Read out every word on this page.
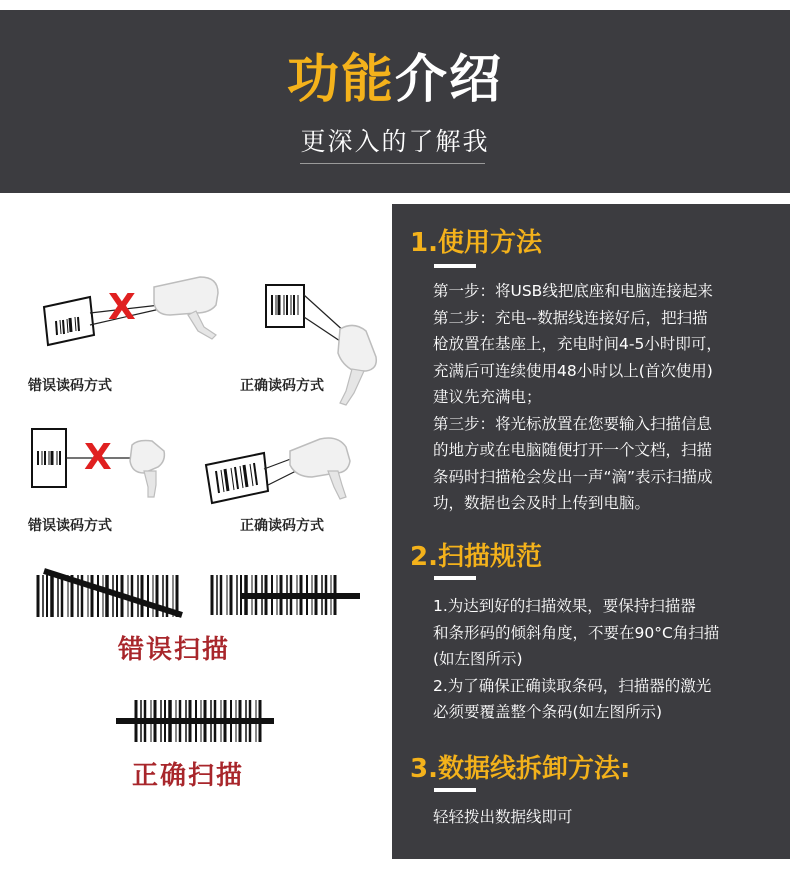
功能介绍
更深入的了解我
X
X
错误读码方式	正确读码方式
错误读码方式	正确读码方式
错误扫描
正确扫描
1.使用方法

第一步：将USB线把底座和电脑连接起来

第二步：充电--数据线连接好后，把扫描

枪放置在基座上，充电时间4-5小时即可，

充满后可连续使用48小时以上(首次使用)

建议先充满电；

第三步：将光标放置在您要输入扫描信息

的地方或在电脑随便打开一个文档，扫描

条码时扫描枪会发出一声“滴”表示扫描成

功，数据也会及时上传到电脑。

2.扫描规范

1.为达到好的扫描效果，要保持扫描器

和条形码的倾斜角度，不要在90°C角扫描

(如左图所示)

2.为了确保正确读取条码，扫描器的激光

必须要覆盖整个条码(如左图所示)

3.数据线拆卸方法:

轻轻拨出数据线即可
